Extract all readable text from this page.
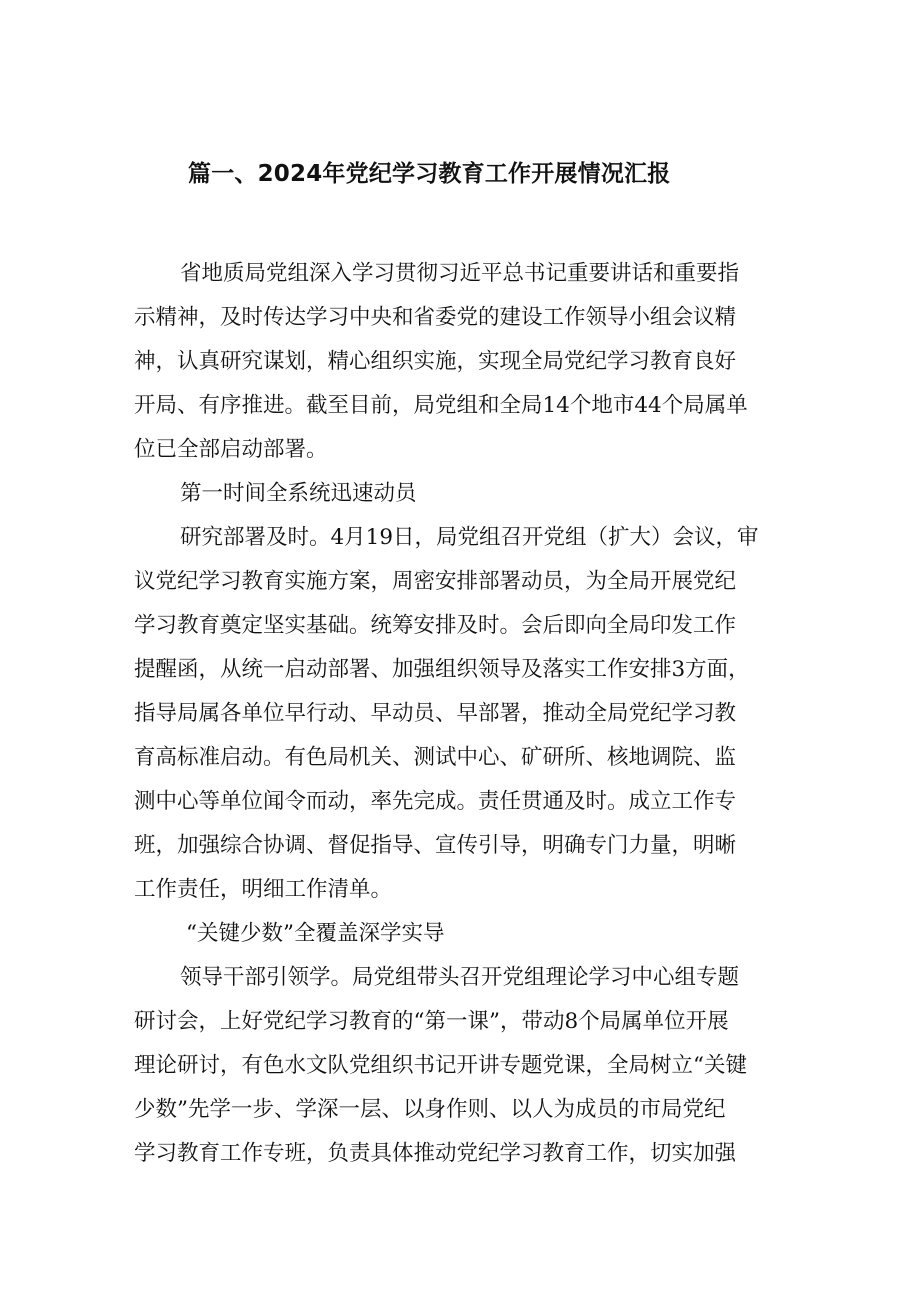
篇一、2024年党纪学习教育工作开展情况汇报
省地质局党组深入学习贯彻习近平总书记重要讲话和重要指
示精神，及时传达学习中央和省委党的建设工作领导小组会议精
神，认真研究谋划，精心组织实施，实现全局党纪学习教育良好
开局、有序推进。截至目前，局党组和全局14个地市44个局属单
位已全部启动部署。
第一时间全系统迅速动员
研究部署及时。4月19日，局党组召开党组（扩大）会议，审
议党纪学习教育实施方案，周密安排部署动员，为全局开展党纪
学习教育奠定坚实基础。统筹安排及时。会后即向全局印发工作
提醒函，从统一启动部署、加强组织领导及落实工作安排3方面，
指导局属各单位早行动、早动员、早部署，推动全局党纪学习教
育高标准启动。有色局机关、测试中心、矿研所、核地调院、监
测中心等单位闻令而动，率先完成。责任贯通及时。成立工作专
班，加强综合协调、督促指导、宣传引导，明确专门力量，明晰
工作责任，明细工作清单。
“关键少数”全覆盖深学实导
领导干部引领学。局党组带头召开党组理论学习中心组专题
研讨会，上好党纪学习教育的“第一课”，带动8个局属单位开展
理论研讨，有色水文队党组织书记开讲专题党课，全局树立“关键
少数”先学一步、学深一层、以身作则、以人为成员的市局党纪
学习教育工作专班，负责具体推动党纪学习教育工作，切实加强
